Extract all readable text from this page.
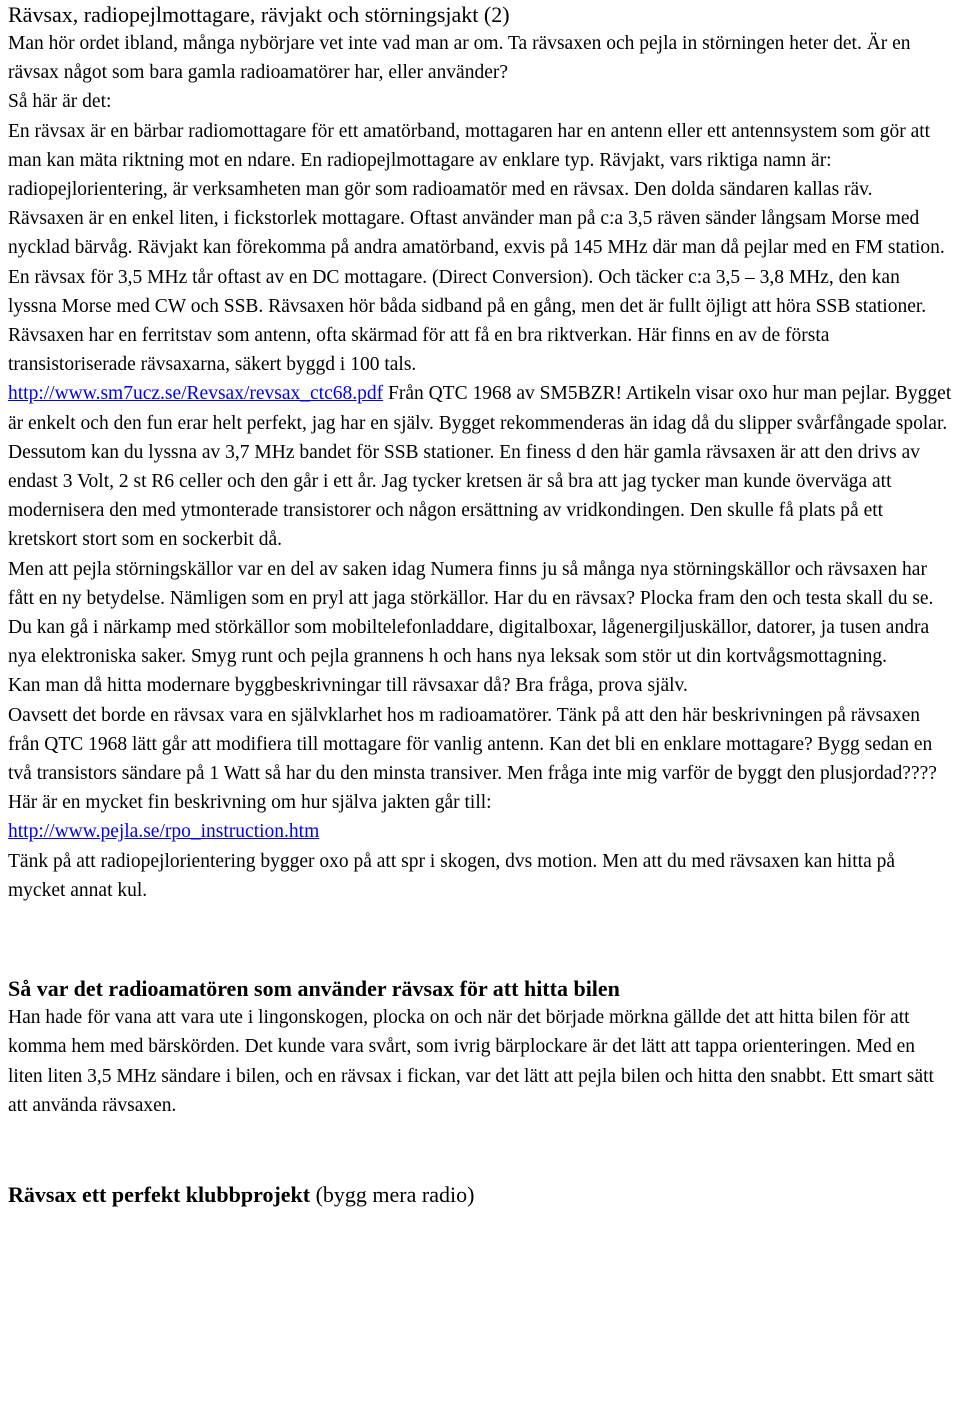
Rävsax, radiopejlmottagare, rävjakt och störningsjakt (2)

Man hör ordet ibland, många nybörjare vet inte vad man ar om. Ta rävsaxen och pejla in störningen heter det. Är en rävsax något som bara gamla radioamatörer har, eller använder?

Så här är det:

En rävsax är en bärbar radiomottagare för ett amatörband, mottagaren har en antenn eller ett antennsystem som gör att man kan mäta riktning mot en ndare. En radiopejlmottagare av enklare typ. Rävjakt, vars riktiga namn är: radiopejlorientering, är verksamheten man gör som radioamatör med en rävsax. Den dolda sändaren kallas räv. Rävsaxen är en enkel liten, i fickstorlek mottagare. Oftast använder man på c:a 3,5 räven sänder långsam Morse med nycklad bärvåg. Rävjakt kan förekomma på andra amatörband, exvis på 145 MHz där man då pejlar med en FM station. En rävsax för 3,5 MHz tår oftast av en DC mottagare. (Direct Conversion). Och täcker c:a 3,5 – 3,8 MHz, den kan lyssna Morse med CW och SSB. Rävsaxen hör båda sidband på en gång, men det är fullt öjligt att höra SSB stationer. Rävsaxen har en ferritstav som antenn, ofta skärmad för att få en bra riktverkan. Här finns en av de första transistoriserade rävsaxarna, säkert byggd i 100 tals.
http://www.sm7ucz.se/Revsax/revsax_ctc68.pdf Från QTC 1968 av SM5BZR! Artikeln visar oxo hur man pejlar. Bygget är enkelt och den fun erar helt perfekt, jag har en själv. Bygget rekommenderas än idag då du slipper svårfångade spolar. Dessutom kan du lyssna av 3,7 MHz bandet för SSB stationer. En finess d den här gamla rävsaxen är att den drivs av endast 3 Volt, 2 st R6 celler och den går i ett år. Jag tycker kretsen är så bra att jag tycker man kunde överväga att modernisera den med ytmonterade transistorer och någon ersättning av vridkondingen. Den skulle få plats på ett kretskort stort som en sockerbit då.

Men att pejla störningskällor var en del av saken idag Numera finns ju så många nya störningskällor och rävsaxen har fått en ny betydelse. Nämligen som en pryl att jaga störkällor. Har du en rävsax? Plocka fram den och testa skall du se. Du kan gå i närkamp med störkällor som mobiltelefonladdare, digitalboxar, lågenergiljuskällor, datorer, ja tusen andra nya elektroniska saker. Smyg runt och pejla grannens h och hans nya leksak som stör ut din kortvågsmottagning.

Kan man då hitta modernare byggbeskrivningar till rävsaxar då? Bra fråga, prova själv.

Oavsett det borde en rävsax vara en självklarhet hos m radioamatörer. Tänk på att den här beskrivningen på rävsaxen från QTC 1968 lätt går att modifiera till mottagare för vanlig antenn. Kan det bli en enklare mottagare? Bygg sedan en två transistors sändare på 1 Watt så har du den minsta transiver. Men fråga inte mig varför de byggt den plusjordad????

Här är en mycket fin beskrivning om hur själva jakten går till:

http://www.pejla.se/rpo_instruction.htm

Tänk på att radiopejlorientering bygger oxo på att spr i skogen, dvs motion. Men att du med rävsaxen kan hitta på mycket annat kul.

Så var det radioamatören som använder rävsax för att hitta bilen

Han hade för vana att vara ute i lingonskogen, plocka on och när det började mörkna gällde det att hitta bilen för att komma hem med bärskörden. Det kunde vara svårt, som ivrig bärplockare är det lätt att tappa orienteringen. Med en liten liten 3,5 MHz sändare i bilen, och en rävsax i fickan, var det lätt att pejla bilen och hitta den snabbt. Ett smart sätt att använda rävsaxen.

Rävsax ett perfekt klubbprojekt (bygg mera radio)
